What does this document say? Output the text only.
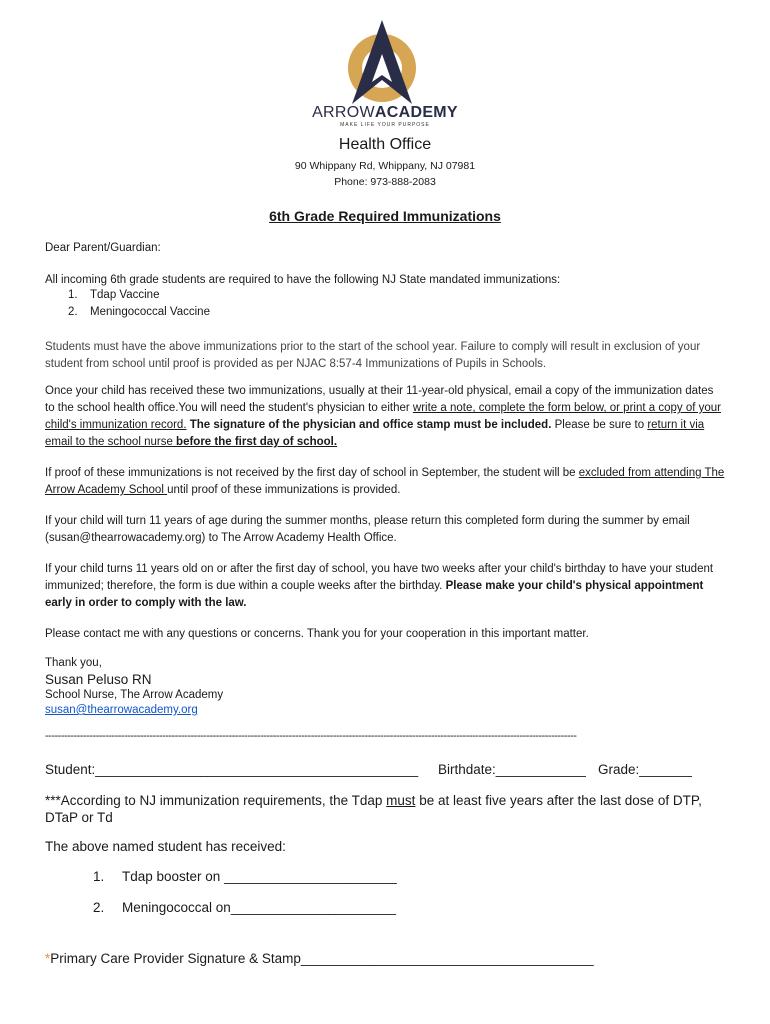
ARROWACADEMY
MAKE LIFE YOUR PURPOSE
Health Office
90 Whippany Rd, Whippany, NJ 07981
Phone: 973-888-2083
6th Grade Required Immunizations
Dear Parent/Guardian:
All incoming 6th grade students are required to have the following NJ State mandated immunizations:
1. Tdap Vaccine
2. Meningococcal Vaccine
Students must have the above immunizations prior to the start of the school year. Failure to comply will result in exclusion of your student from school until proof is provided as per NJAC 8:57-4 Immunizations of Pupils in Schools.
Once your child has received these two immunizations, usually at their 11-year-old physical, email a copy of the immunization dates to the school health office.You will need the student's physician to either write a note, complete the form below, or print a copy of your child's immunization record. The signature of the physician and office stamp must be included. Please be sure to return it via email to the school nurse before the first day of school.
If proof of these immunizations is not received by the first day of school in September, the student will be excluded from attending The Arrow Academy School until proof of these immunizations is provided.
If your child will turn 11 years of age during the summer months, please return this completed form during the summer by email (susan@thearrowacademy.org) to The Arrow Academy Health Office.
If your child turns 11 years old on or after the first day of school, you have two weeks after your child's birthday to have your student immunized; therefore, the form is due within a couple weeks after the birthday. Please make your child's physical appointment early in order to comply with the law.
Please contact me with any questions or concerns. Thank you for your cooperation in this important matter.
Thank you,
Susan Peluso RN
School Nurse, The Arrow Academy
susan@thearrowacademy.org
------------------------------------------------------------------------------------------------------------------------------------------------------------------------
Student:___________________________________________ Birthdate:____________ Grade:_______
***According to NJ immunization requirements, the Tdap must be at least five years after the last dose of DTP, DTaP or Td
The above named student has received:
1. Tdap booster on _______________________
2. Meningococcal on______________________
*Primary Care Provider Signature & Stamp_______________________________________
